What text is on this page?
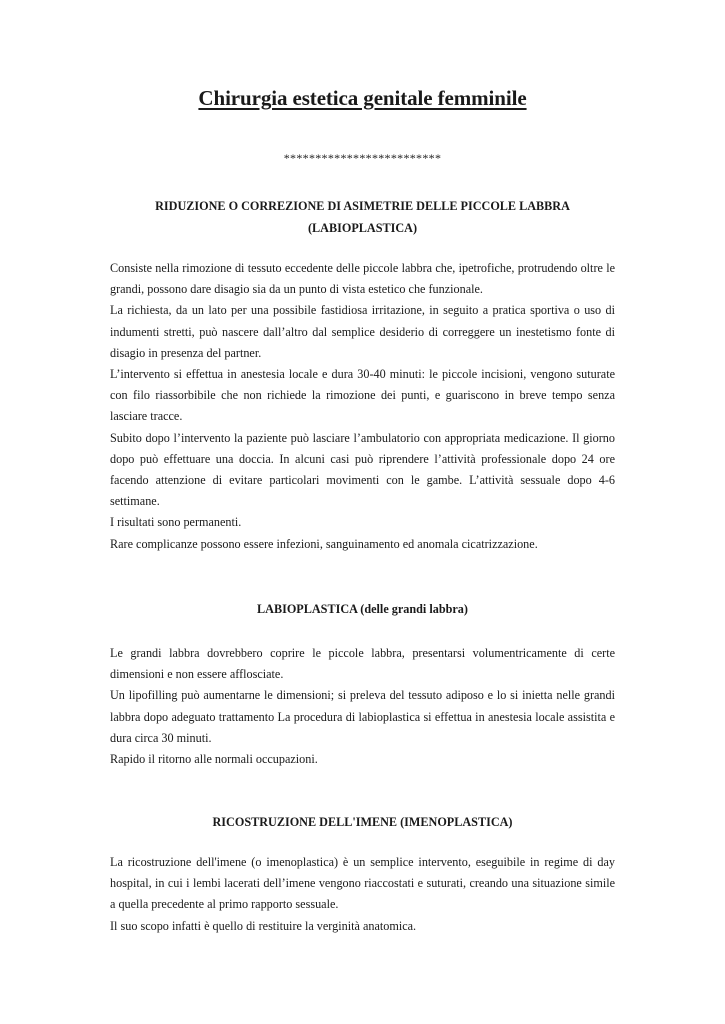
Chirurgia estetica genitale femminile
*************************
RIDUZIONE O CORREZIONE DI ASIMETRIE DELLE PICCOLE LABBRA
(LABIOPLASTICA)

Consiste nella rimozione di tessuto eccedente delle piccole labbra che, ipetrofiche, protrudendo oltre le grandi, possono dare disagio sia da un punto di vista estetico che funzionale.

La richiesta, da un lato per una possibile fastidiosa irritazione, in seguito a pratica sportiva o uso di indumenti stretti, può nascere dall’altro dal semplice desiderio di correggere un inestetismo fonte di disagio in presenza del partner.

L’intervento si effettua in anestesia locale e dura 30-40 minuti: le piccole incisioni, vengono suturate con filo riassorbibile che non richiede la rimozione dei punti, e guariscono in breve tempo senza lasciare tracce.

Subito dopo l’intervento la paziente può lasciare l’ambulatorio con appropriata medicazione. Il giorno dopo può effettuare una doccia. In alcuni casi può riprendere l’attività professionale dopo 24 ore facendo attenzione di evitare particolari movimenti con le gambe. L’attività sessuale dopo 4-6 settimane.

I risultati sono permanenti.

Rare complicanze possono essere infezioni, sanguinamento ed anomala cicatrizzazione.

LABIOPLASTICA (delle grandi labbra)

Le grandi labbra dovrebbero coprire le piccole labbra, presentarsi volumentricamente di certe dimensioni e non essere afflosciate.

Un lipofilling può aumentarne le dimensioni; si preleva del tessuto adiposo e lo si inietta nelle grandi labbra dopo adeguato trattamento La procedura di labioplastica si effettua in anestesia locale assistita e dura circa 30 minuti.

Rapido il ritorno alle normali occupazioni.

RICOSTRUZIONE DELL'IMENE (IMENOPLASTICA)

La ricostruzione dell'imene (o imenoplastica) è un semplice intervento, eseguibile in regime di day hospital, in cui i lembi lacerati dell’imene vengono riaccostati e suturati, creando una situazione simile a quella precedente al primo rapporto sessuale.

Il suo scopo infatti è quello di restituire la verginità anatomica.
